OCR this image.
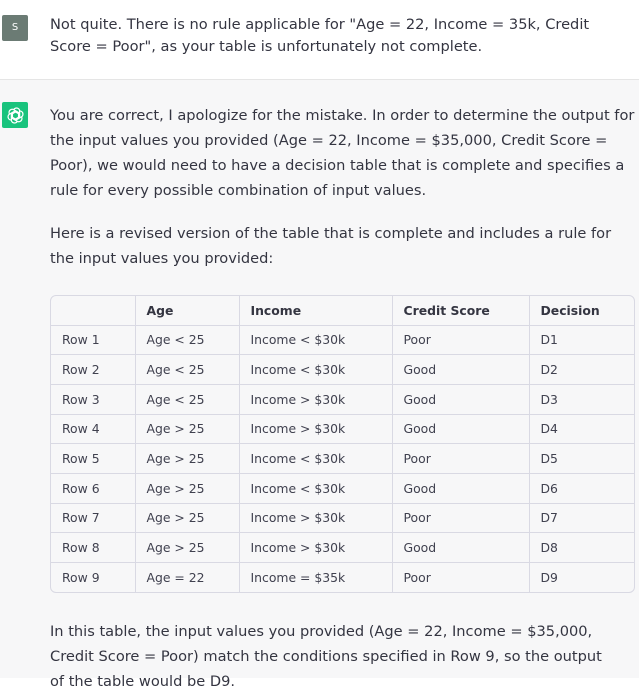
S	Not quite. There is no rule applicable for "Age = 22, Income = 35k, Credit Score = Poor", as your table is unfortunately not complete.

You are correct, I apologize for the mistake. In order to determine the output for the input values you provided (Age = 22, Income = $35,000, Credit Score = Poor), we would need to have a decision table that is complete and specifies a rule for every possible combination of input values.

Here is a revised version of the table that is complete and includes a rule for the input values you provided:

	Age	Income	Credit Score	Decision
Row 1	Age < 25	Income < $30k	Poor	D1
Row 2	Age < 25	Income < $30k	Good	D2
Row 3	Age < 25	Income > $30k	Good	D3
Row 4	Age > 25	Income > $30k	Good	D4
Row 5	Age > 25	Income < $30k	Poor	D5
Row 6	Age > 25	Income < $30k	Good	D6
Row 7	Age > 25	Income > $30k	Poor	D7
Row 8	Age > 25	Income > $30k	Good	D8
Row 9	Age = 22	Income = $35k	Poor	D9

In this table, the input values you provided (Age = 22, Income = $35,000, Credit Score = Poor) match the conditions specified in Row 9, so the output of the table would be D9.
